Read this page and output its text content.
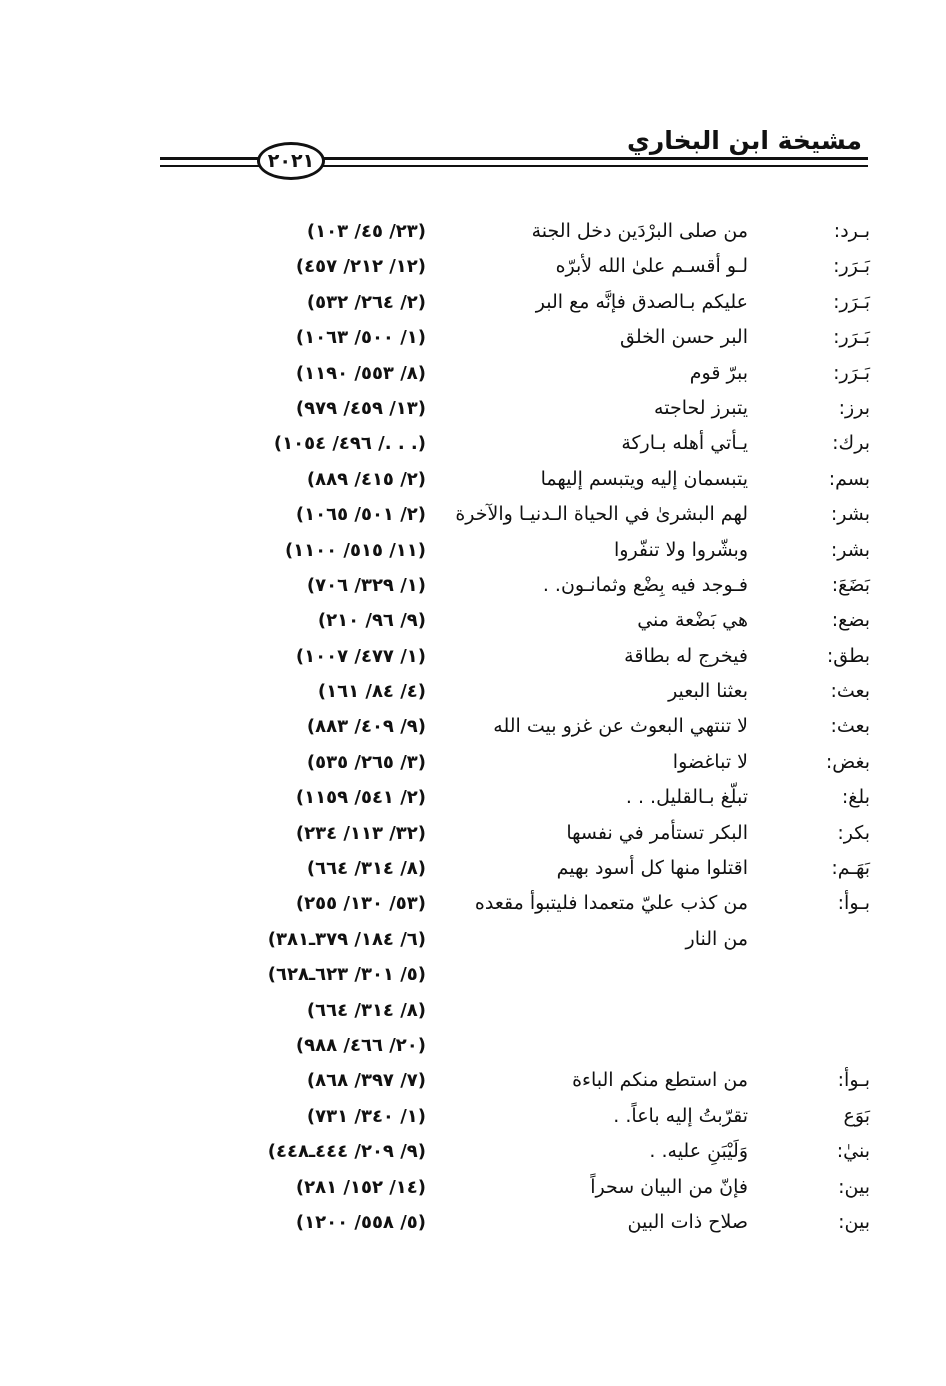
مشيخة ابن البخاري
٢٠٢١
بـرد:
من صلى البرْدَين دخل الجنة
(٢٣/ ٤٥/ ١٠٣)
بَـرَر:
لـو أقسـم علىٰ الله لأبرّه
(١٢/ ٢١٢/ ٤٥٧)
بَـرَر:
عليكم بـالصدق فإنَّه مع البر
(٢/ ٢٦٤/ ٥٣٢)
بَـرَر:
البر حسن الخلق
(١/ ٥٠٠/ ١٠٦٣)
بَـرَر:
ببرّ قوم
(٨/ ٥٥٣/ ١١٩٠)
برز:
يتبرز لحاجته
(١٣/ ٤٥٩/ ٩٧٩)
برك:
يـأتي أهله بـاركة
(. . ./ ٤٩٦/ ١٠٥٤)
بسم:
يتبسمان إليه ويتبسم إليهما
(٢/ ٤١٥/ ٨٨٩)
بشر:
لهم البشرىٰ في الحياة الـدنيـا والآخرة
(٢/ ٥٠١/ ١٠٦٥)
بشر:
وبشّروا ولا تنفّروا
(١١/ ٥١٥/ ١١٠٠)
بَضَعَ:
فـوجد فيه بِضْع وثمانـون. .
(١/ ٣٢٩/ ٧٠٦)
بضع:
هي بَضْعة مني
(٩/ ٩٦/ ٢١٠)
بطق:
فيخرج له بطاقة
(١/ ٤٧٧/ ١٠٠٧)
بعث:
بعثنا البعير
(٤/ ٨٤/ ١٦١)
بعث:
لا تنتهي البعوث عن غزو بيت الله
(٩/ ٤٠٩/ ٨٨٣)
بغض:
لا تباغضوا
(٣/ ٢٦٥/ ٥٣٥)
بلغ:
تبلّغ بـالقليل. . .
(٢/ ٥٤١/ ١١٥٩)
بكر:
البكر تستأمر في نفسها
(٣٢/ ١١٣/ ٢٣٤)
بَهَـم:
اقتلوا منها كل أسود بهيم
(٨/ ٣١٤/ ٦٦٤)
بـوأ:
من كذب عليّ متعمدا فليتبوأ مقعده
(٥٣/ ١٣٠/ ٢٥٥)
من النار
(٦/ ١٨٤/ ٣٧٩ـ٣٨١)
(٥/ ٣٠١/ ٦٢٣ـ٦٢٨)
(٨/ ٣١٤/ ٦٦٤)
(٢٠/ ٤٦٦/ ٩٨٨)
بـوأ:
من استطع منكم الباءة
(٧/ ٣٩٧/ ٨٦٨)
بَوَع
تقرّبتُ إليه باعاً. .
(١/ ٣٤٠/ ٧٣١)
بنيٰ:
وَلَيْبَنِ عليه. .
(٩/ ٢٠٩/ ٤٤٤ـ٤٤٨)
بين:
فإنّ من البيان سحراً
(١٤/ ١٥٢/ ٢٨١)
بين:
صلاح ذات البين
(٥/ ٥٥٨/ ١٢٠٠)
